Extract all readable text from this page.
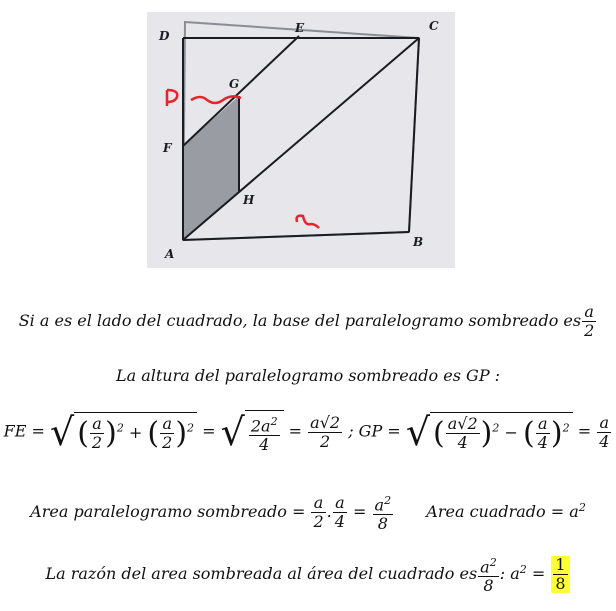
D
E	C
G
F
H
A
B
Si a es el lado del cuadrado, la base del paralelogramo sombreado es $\frac{a}{2}$
La altura del paralelogramo sombreado es GP :
FE = √ ( $\frac{a}{2} )^2$ + ( $\frac{a}{2} )^2$ = √ $\frac{2a^2}{4} = \frac{a√2}{2}$ ; GP = √ ( $\frac{a√2}{4} )^2$ − ( $\frac{a}{4} )^2 = \frac{a}{4}$
Area paralelogramo sombreado = $\frac{a}{2}$ . $\frac{a}{4} = \frac{a^2}{8}$ Area cuadrado = $a^2$
La razón del area sombreada al área del cuadrado es $\frac{a^2}{8}$ : $a^2 = \frac{1}{8}$
